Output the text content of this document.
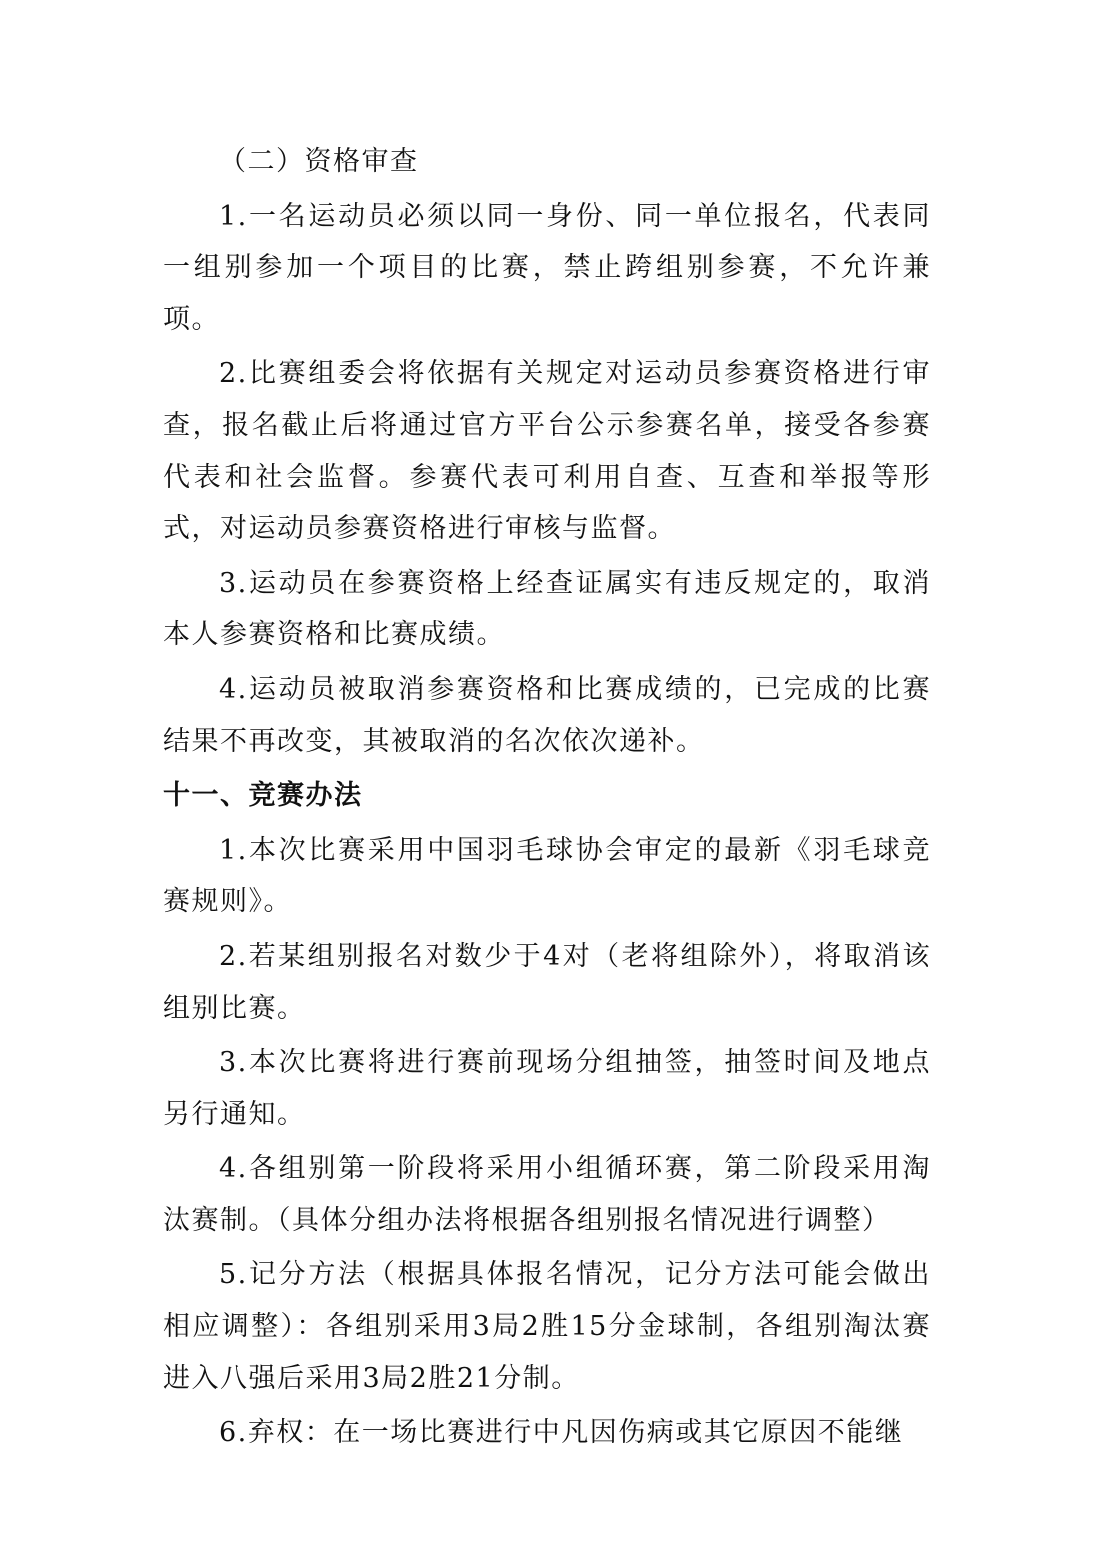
（二）资格审查

1.一名运动员必须以同一身份、同一单位报名，代表同一组别参加一个项目的比赛，禁止跨组别参赛，不允许兼项。

2.比赛组委会将依据有关规定对运动员参赛资格进行审查，报名截止后将通过官方平台公示参赛名单，接受各参赛代表和社会监督。参赛代表可利用自查、互查和举报等形式，对运动员参赛资格进行审核与监督。

3.运动员在参赛资格上经查证属实有违反规定的，取消本人参赛资格和比赛成绩。

4.运动员被取消参赛资格和比赛成绩的，已完成的比赛结果不再改变，其被取消的名次依次递补。

十一、竞赛办法

1.本次比赛采用中国羽毛球协会审定的最新《羽毛球竞赛规则》。

2.若某组别报名对数少于4对（老将组除外），将取消该组别比赛。

3.本次比赛将进行赛前现场分组抽签，抽签时间及地点另行通知。

4.各组别第一阶段将采用小组循环赛，第二阶段采用淘汰赛制。（具体分组办法将根据各组别报名情况进行调整）

5.记分方法（根据具体报名情况，记分方法可能会做出相应调整）：各组别采用3局2胜15分金球制，各组别淘汰赛进入八强后采用3局2胜21分制。

6.弃权：在一场比赛进行中凡因伤病或其它原因不能继
